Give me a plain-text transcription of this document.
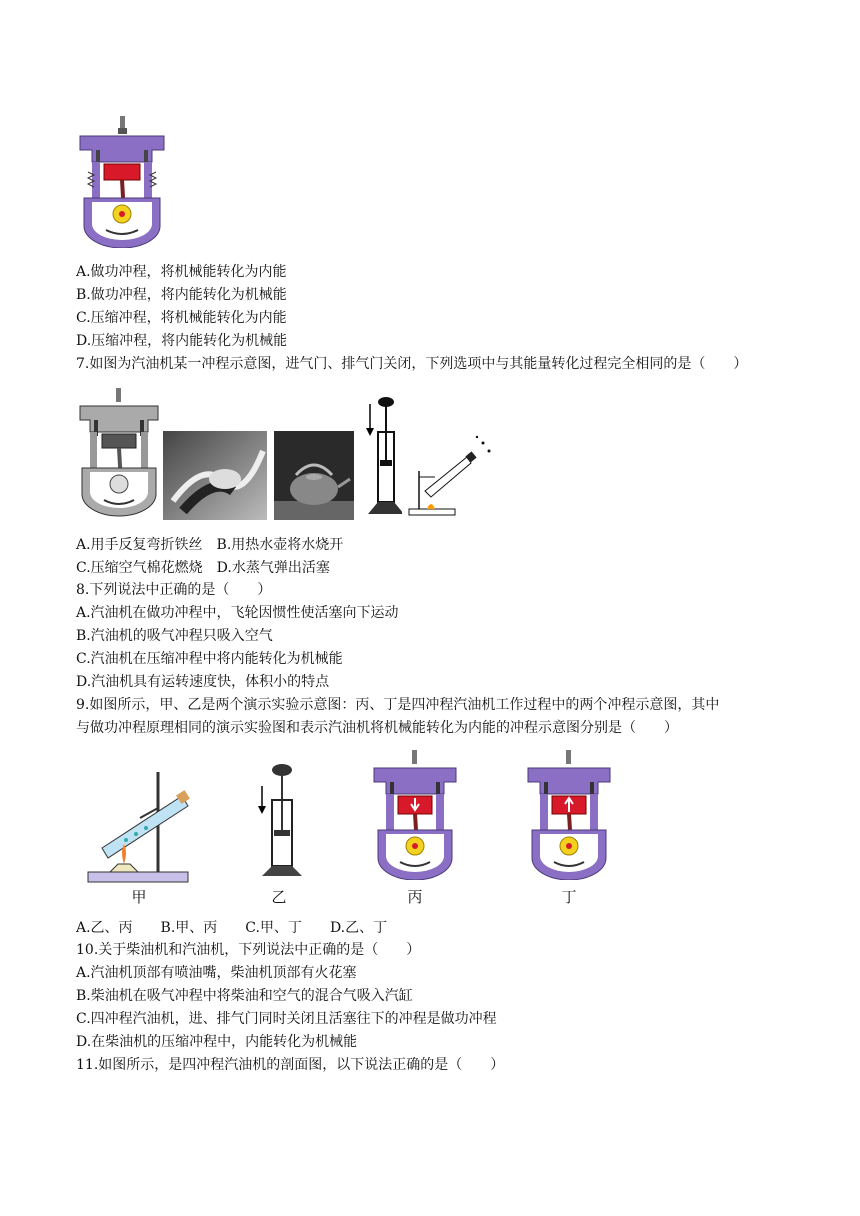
A.做功冲程，将机械能转化为内能
B.做功冲程，将内能转化为机械能
C.压缩冲程，将机械能转化为内能
D.压缩冲程，将内能转化为机械能
7.如图为汽油机某一冲程示意图，进气门、排气门关闭，下列选项中与其能量转化过程完全相同的是（　　）
A.用手反复弯折铁丝　B.用热水壶将水烧开
C.压缩空气棉花燃烧　D.水蒸气弹出活塞
8.下列说法中正确的是（　　）
A.汽油机在做功冲程中，飞轮因惯性使活塞向下运动
B.汽油机的吸气冲程只吸入空气
C.汽油机在压缩冲程中将内能转化为机械能
D.汽油机具有运转速度快，体积小的特点
9.如图所示，甲、乙是两个演示实验示意图：丙、丁是四冲程汽油机工作过程中的两个冲程示意图，其中
与做功冲程原理相同的演示实验图和表示汽油机将机械能转化为内能的冲程示意图分别是（　　）
甲	乙	丙	丁
A.乙、丙　　B.甲、丙　　C.甲、丁　　D.乙、丁
10.关于柴油机和汽油机，下列说法中正确的是（　　）
A.汽油机顶部有喷油嘴，柴油机顶部有火花塞
B.柴油机在吸气冲程中将柴油和空气的混合气吸入汽缸
C.四冲程汽油机，进、排气门同时关闭且活塞往下的冲程是做功冲程
D.在柴油机的压缩冲程中，内能转化为机械能
11.如图所示，是四冲程汽油机的剖面图，以下说法正确的是（　　）
